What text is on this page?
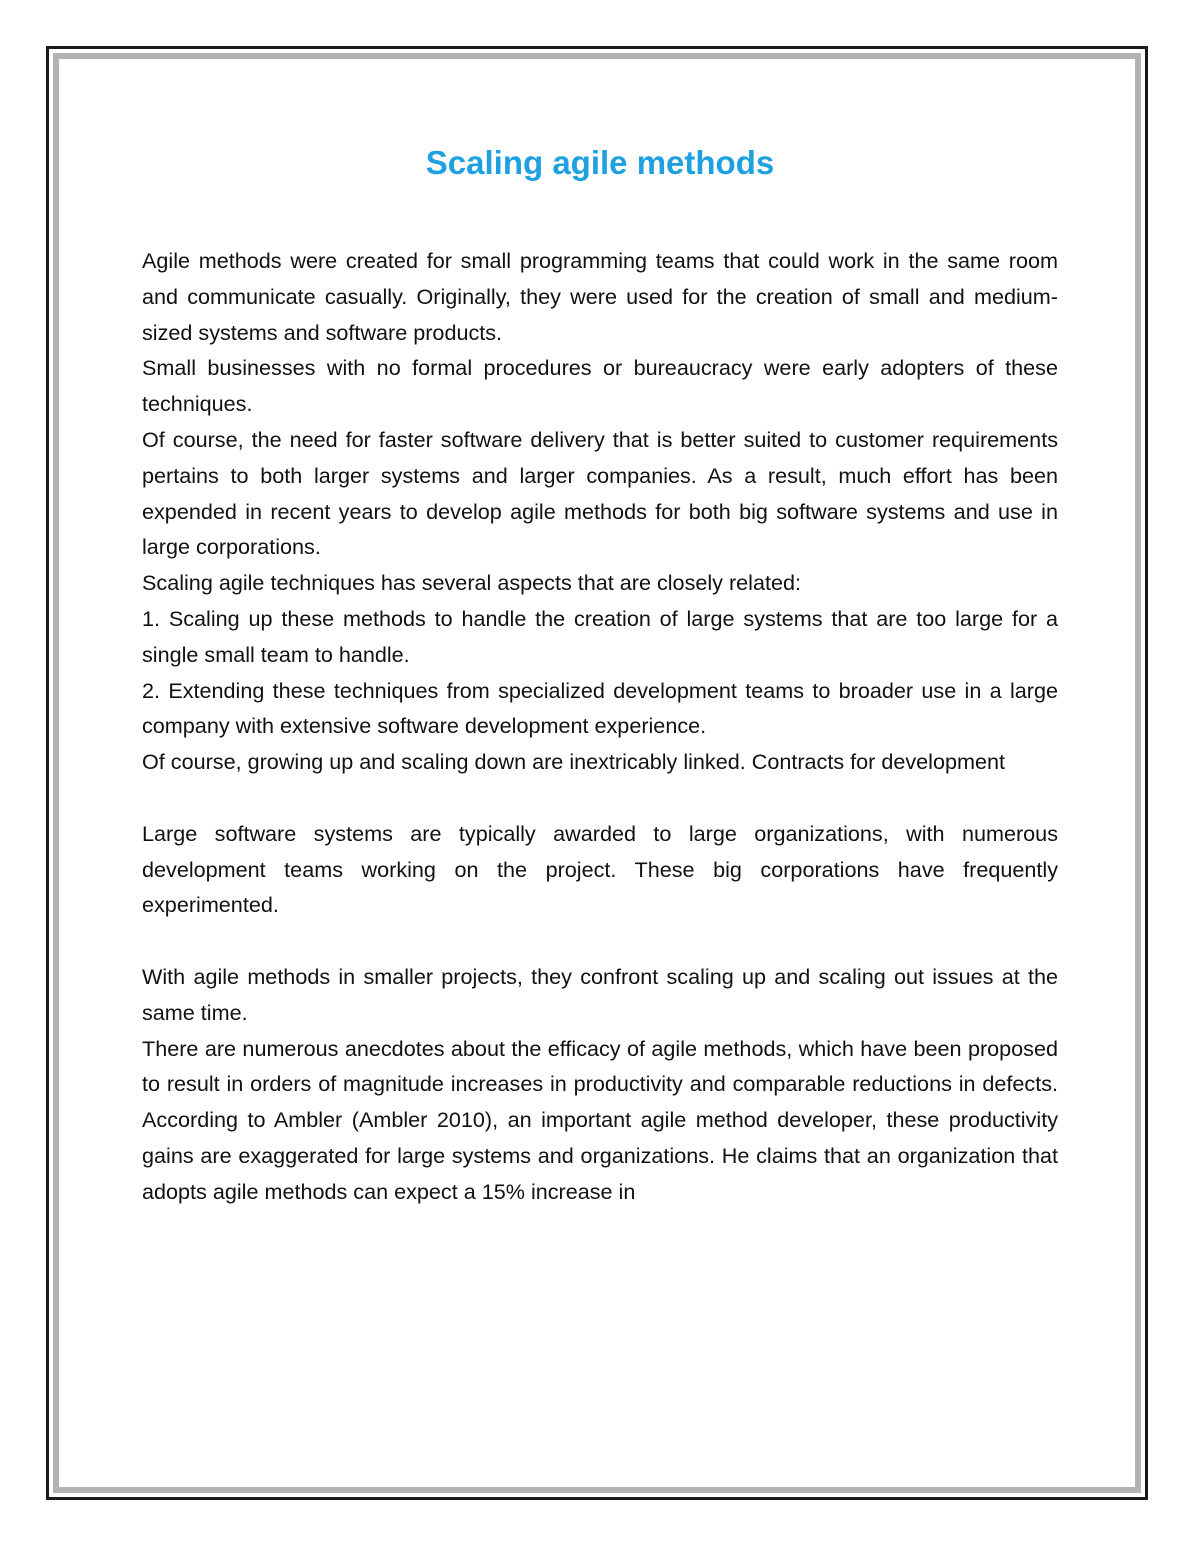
Scaling agile methods

Agile methods were created for small programming teams that could work in the same room and communicate casually. Originally, they were used for the creation of small and medium-sized systems and software products.

Small businesses with no formal procedures or bureaucracy were early adopters of these techniques.

Of course, the need for faster software delivery that is better suited to customer requirements pertains to both larger systems and larger companies. As a result, much effort has been expended in recent years to develop agile methods for both big software systems and use in large corporations.

Scaling agile techniques has several aspects that are closely related:

1. Scaling up these methods to handle the creation of large systems that are too large for a single small team to handle.

2. Extending these techniques from specialized development teams to broader use in a large company with extensive software development experience.

Of course, growing up and scaling down are inextricably linked. Contracts for development

Large software systems are typically awarded to large organizations, with numerous development teams working on the project. These big corporations have frequently experimented.

With agile methods in smaller projects, they confront scaling up and scaling out issues at the same time.

There are numerous anecdotes about the efficacy of agile methods, which have been proposed to result in orders of magnitude increases in productivity and comparable reductions in defects. According to Ambler (Ambler 2010), an important agile method developer, these productivity gains are exaggerated for large systems and organizations. He claims that an organization that adopts agile methods can expect a 15% increase in
